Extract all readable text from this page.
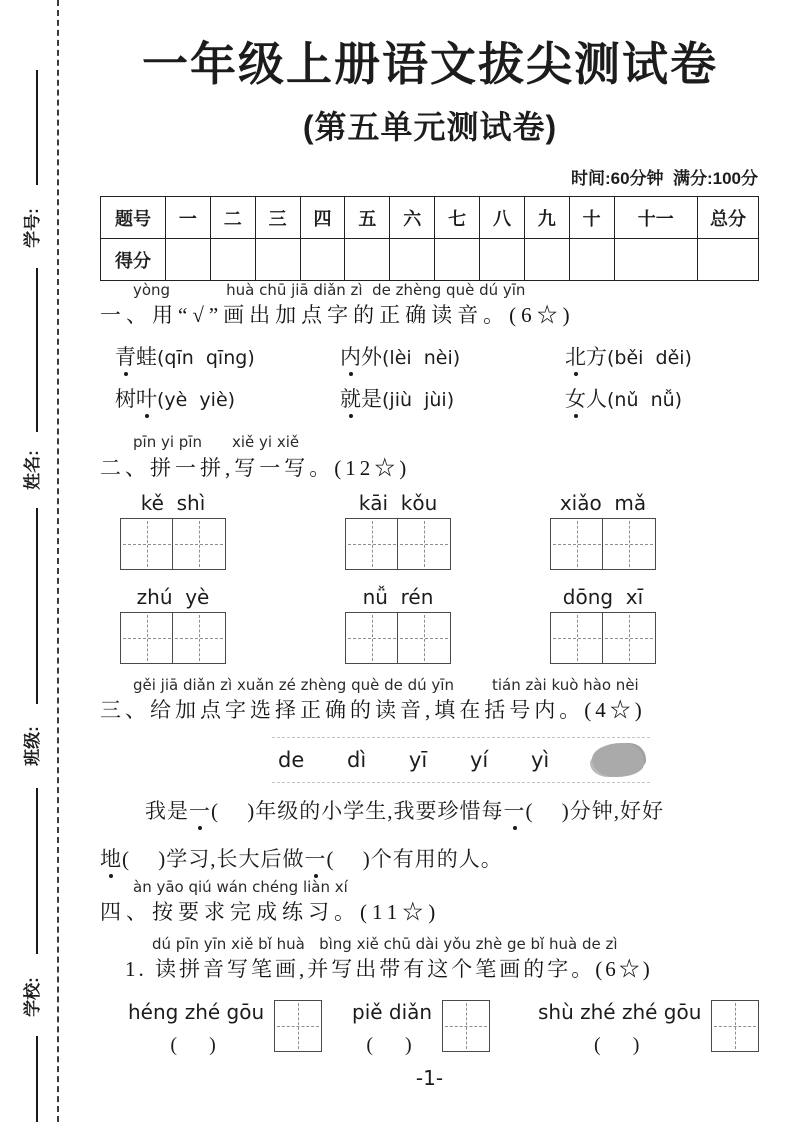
学号:
姓名:
班级:
学校:
一年级上册语文拔尖测试卷
(第五单元测试卷)
时间:60分钟  满分:100分
题号	一	二	三	四	五	六	七	八	九	十	十一	总分
得分												
yòng	huà chū jiā diǎn zì  de zhèng què dú yīn
一、用“√”画出加点字的正确读音。(6☆)
青蛙(qīn  qīng)	内外(lèi  nèi)	北方(běi  děi)
树叶(yè  yiè)	就是(jiù  jùi)	女人(nǔ  nǚ)
pīn yi pīn xiě yi xiě
二、拼一拼,写一写。(12☆)
kě  shì	kāi  kǒu	xiǎo  mǎ
zhú  yè	nǚ  rén	dōng  xī
gěi jiā diǎn zì xuǎn zé zhèng què de dú yīn	tián zài kuò hào nèi
三、给加点字选择正确的读音,填在括号内。(4☆)
de dì yī yí yì
我是一(　 )年级的小学生,我要珍惜每一(　 )分钟,好好
地(　 )学习,长大后做一(　 )个有用的人。
àn yāo qiú wán chéng liàn xí
四、按要求完成练习。(11☆)
dú pīn yīn xiě bǐ huà   bìng xiě chū dài yǒu zhè ge bǐ huà de zì
1. 读拼音写笔画,并写出带有这个笔画的字。(6☆)
héng zhé gōu
(　)
piě diǎn
(　)
shù zhé zhé gōu
(　)
-1-
